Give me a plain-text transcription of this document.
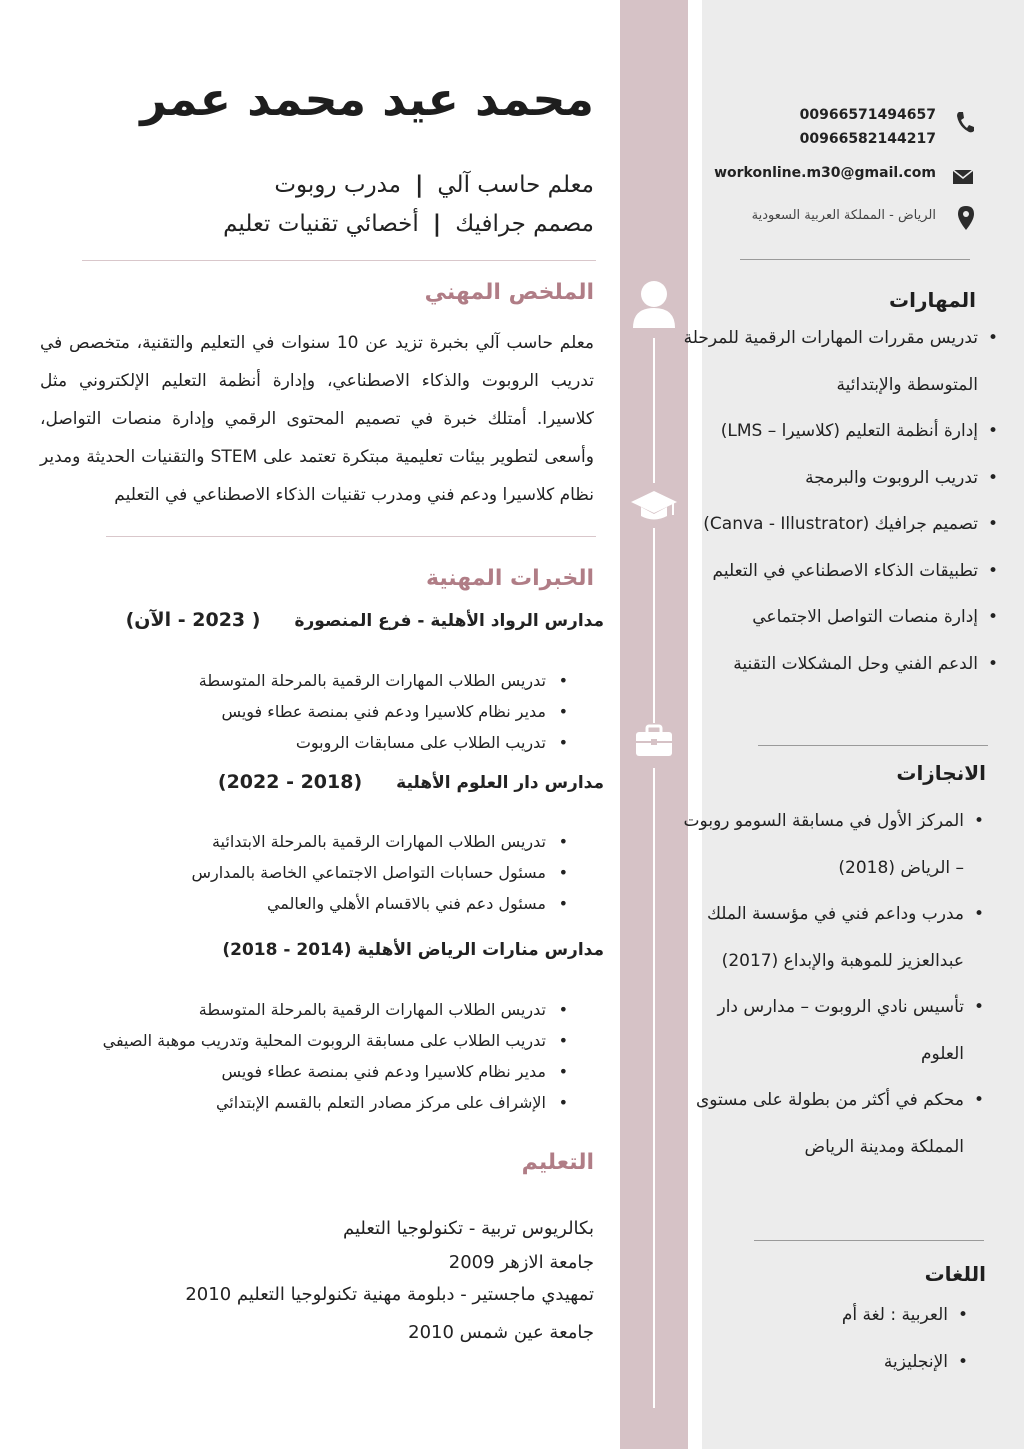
محمد عيد محمد عمر
معلم حاسب آلي|مدرب روبوت
مصمم جرافيك|أخصائي تقنيات تعليم
الملخص المهني
معلم حاسب آلي بخبرة تزيد عن 10 سنوات في التعليم والتقنية، متخصص في تدريب الروبوت والذكاء الاصطناعي، وإدارة أنظمة التعليم الإلكتروني مثل كلاسيرا. أمتلك خبرة في تصميم المحتوى الرقمي وإدارة منصات التواصل، وأسعى لتطوير بيئات تعليمية مبتكرة تعتمد على STEM والتقنيات الحديثة ومدير نظام كلاسيرا ودعم فني ومدرب تقنيات الذكاء الاصطناعي في التعليم
الخبرات المهنية
مدارس الرواد الأهلية - فرع المنصورة( 2023 - الآن)
• تدريس الطلاب المهارات الرقمية بالمرحلة المتوسطة
• مدير نظام كلاسيرا ودعم فني بمنصة عطاء فويس
• تدريب الطلاب على مسابقات الروبوت
مدارس دار العلوم الأهلية(2018 - 2022)
• تدريس الطلاب المهارات الرقمية بالمرحلة الابتدائية
• مسئول حسابات التواصل الاجتماعي الخاصة بالمدارس
• مسئول دعم فني بالاقسام الأهلي والعالمي
مدارس منارات الرياض الأهلية (2014 - 2018)
• تدريس الطلاب المهارات الرقمية بالمرحلة المتوسطة
• تدريب الطلاب على مسابقة الروبوت المحلية وتدريب موهبة الصيفي
• مدير نظام كلاسيرا ودعم فني بمنصة عطاء فويس
• الإشراف على مركز مصادر التعلم بالقسم الإبتدائي
التعليم
بكالريوس تربية - تكنولوجيا التعليم
جامعة الازهر 2009
تمهيدي ماجستير - دبلومة مهنية تكنولوجيا التعليم 2010
جامعة عين شمس 2010
00966571494657
00966582144217
workonline.m30@gmail.com
الرياض - المملكة العربية السعودية
المهارات
•
تدريس مقررات المهارات الرقمية للمرحلة المتوسطة والإبتدائية
•
إدارة أنظمة التعليم (كلاسيرا – LMS)
•
تدريب الروبوت والبرمجة
•
تصميم جرافيك (Canva - Illustrator)
•
تطبيقات الذكاء الاصطناعي في التعليم
•
إدارة منصات التواصل الاجتماعي
•
الدعم الفني وحل المشكلات التقنية
الانجازات
•
المركز الأول في مسابقة السومو روبوت – الرياض (2018)
•
مدرب وداعم فني في مؤسسة الملك عبدالعزيز للموهبة والإبداع (2017)
•
تأسيس نادي الروبوت – مدارس دار العلوم
•
محكم في أكثر من بطولة على مستوى المملكة ومدينة الرياض
اللغات
•
العربية : لغة أم
•
الإنجليزية
